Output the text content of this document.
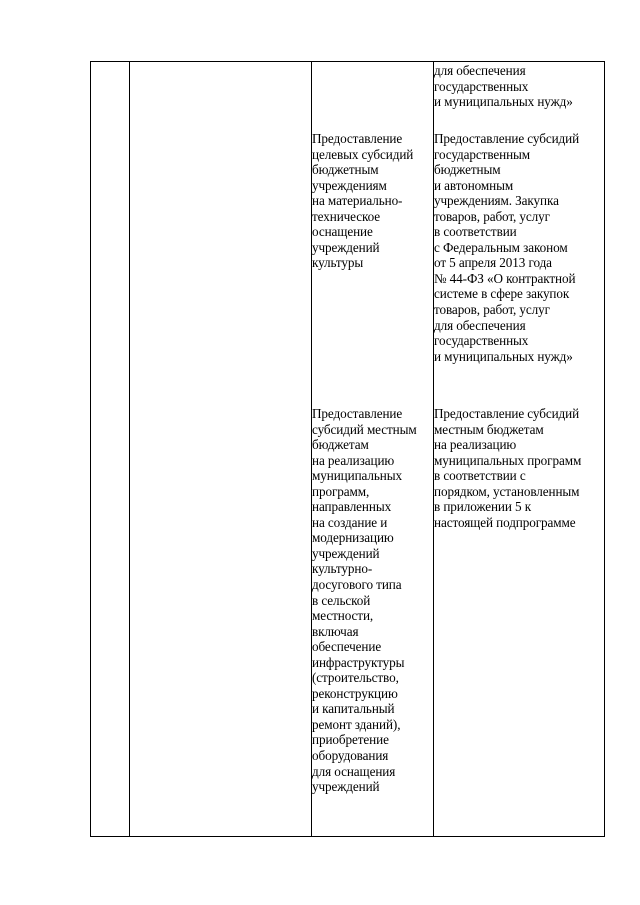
для обеспечения
государственных
и муниципальных нужд»
Предоставление
целевых субсидий
бюджетным
учреждениям
на материально-
техническое
оснащение
учреждений
культуры
Предоставление субсидий
государственным
бюджетным
и автономным
учреждениям. Закупка
товаров, работ, услуг
в соответствии
с Федеральным законом
от 5 апреля 2013 года
№ 44-ФЗ «О контрактной
системе в сфере закупок
товаров, работ, услуг
для обеспечения
государственных
и муниципальных нужд»
Предоставление
субсидий местным
бюджетам
на реализацию
муниципальных
программ,
направленных
на создание и
модернизацию
учреждений
культурно-
досугового типа
в сельской
местности,
включая
обеспечение
инфраструктуры
(строительство,
реконструкцию
и капитальный
ремонт зданий),
приобретение
оборудования
для оснащения
учреждений
Предоставление субсидий
местным бюджетам
на реализацию
муниципальных программ
в соответствии с
порядком, установленным
в приложении 5 к
настоящей подпрограмме
